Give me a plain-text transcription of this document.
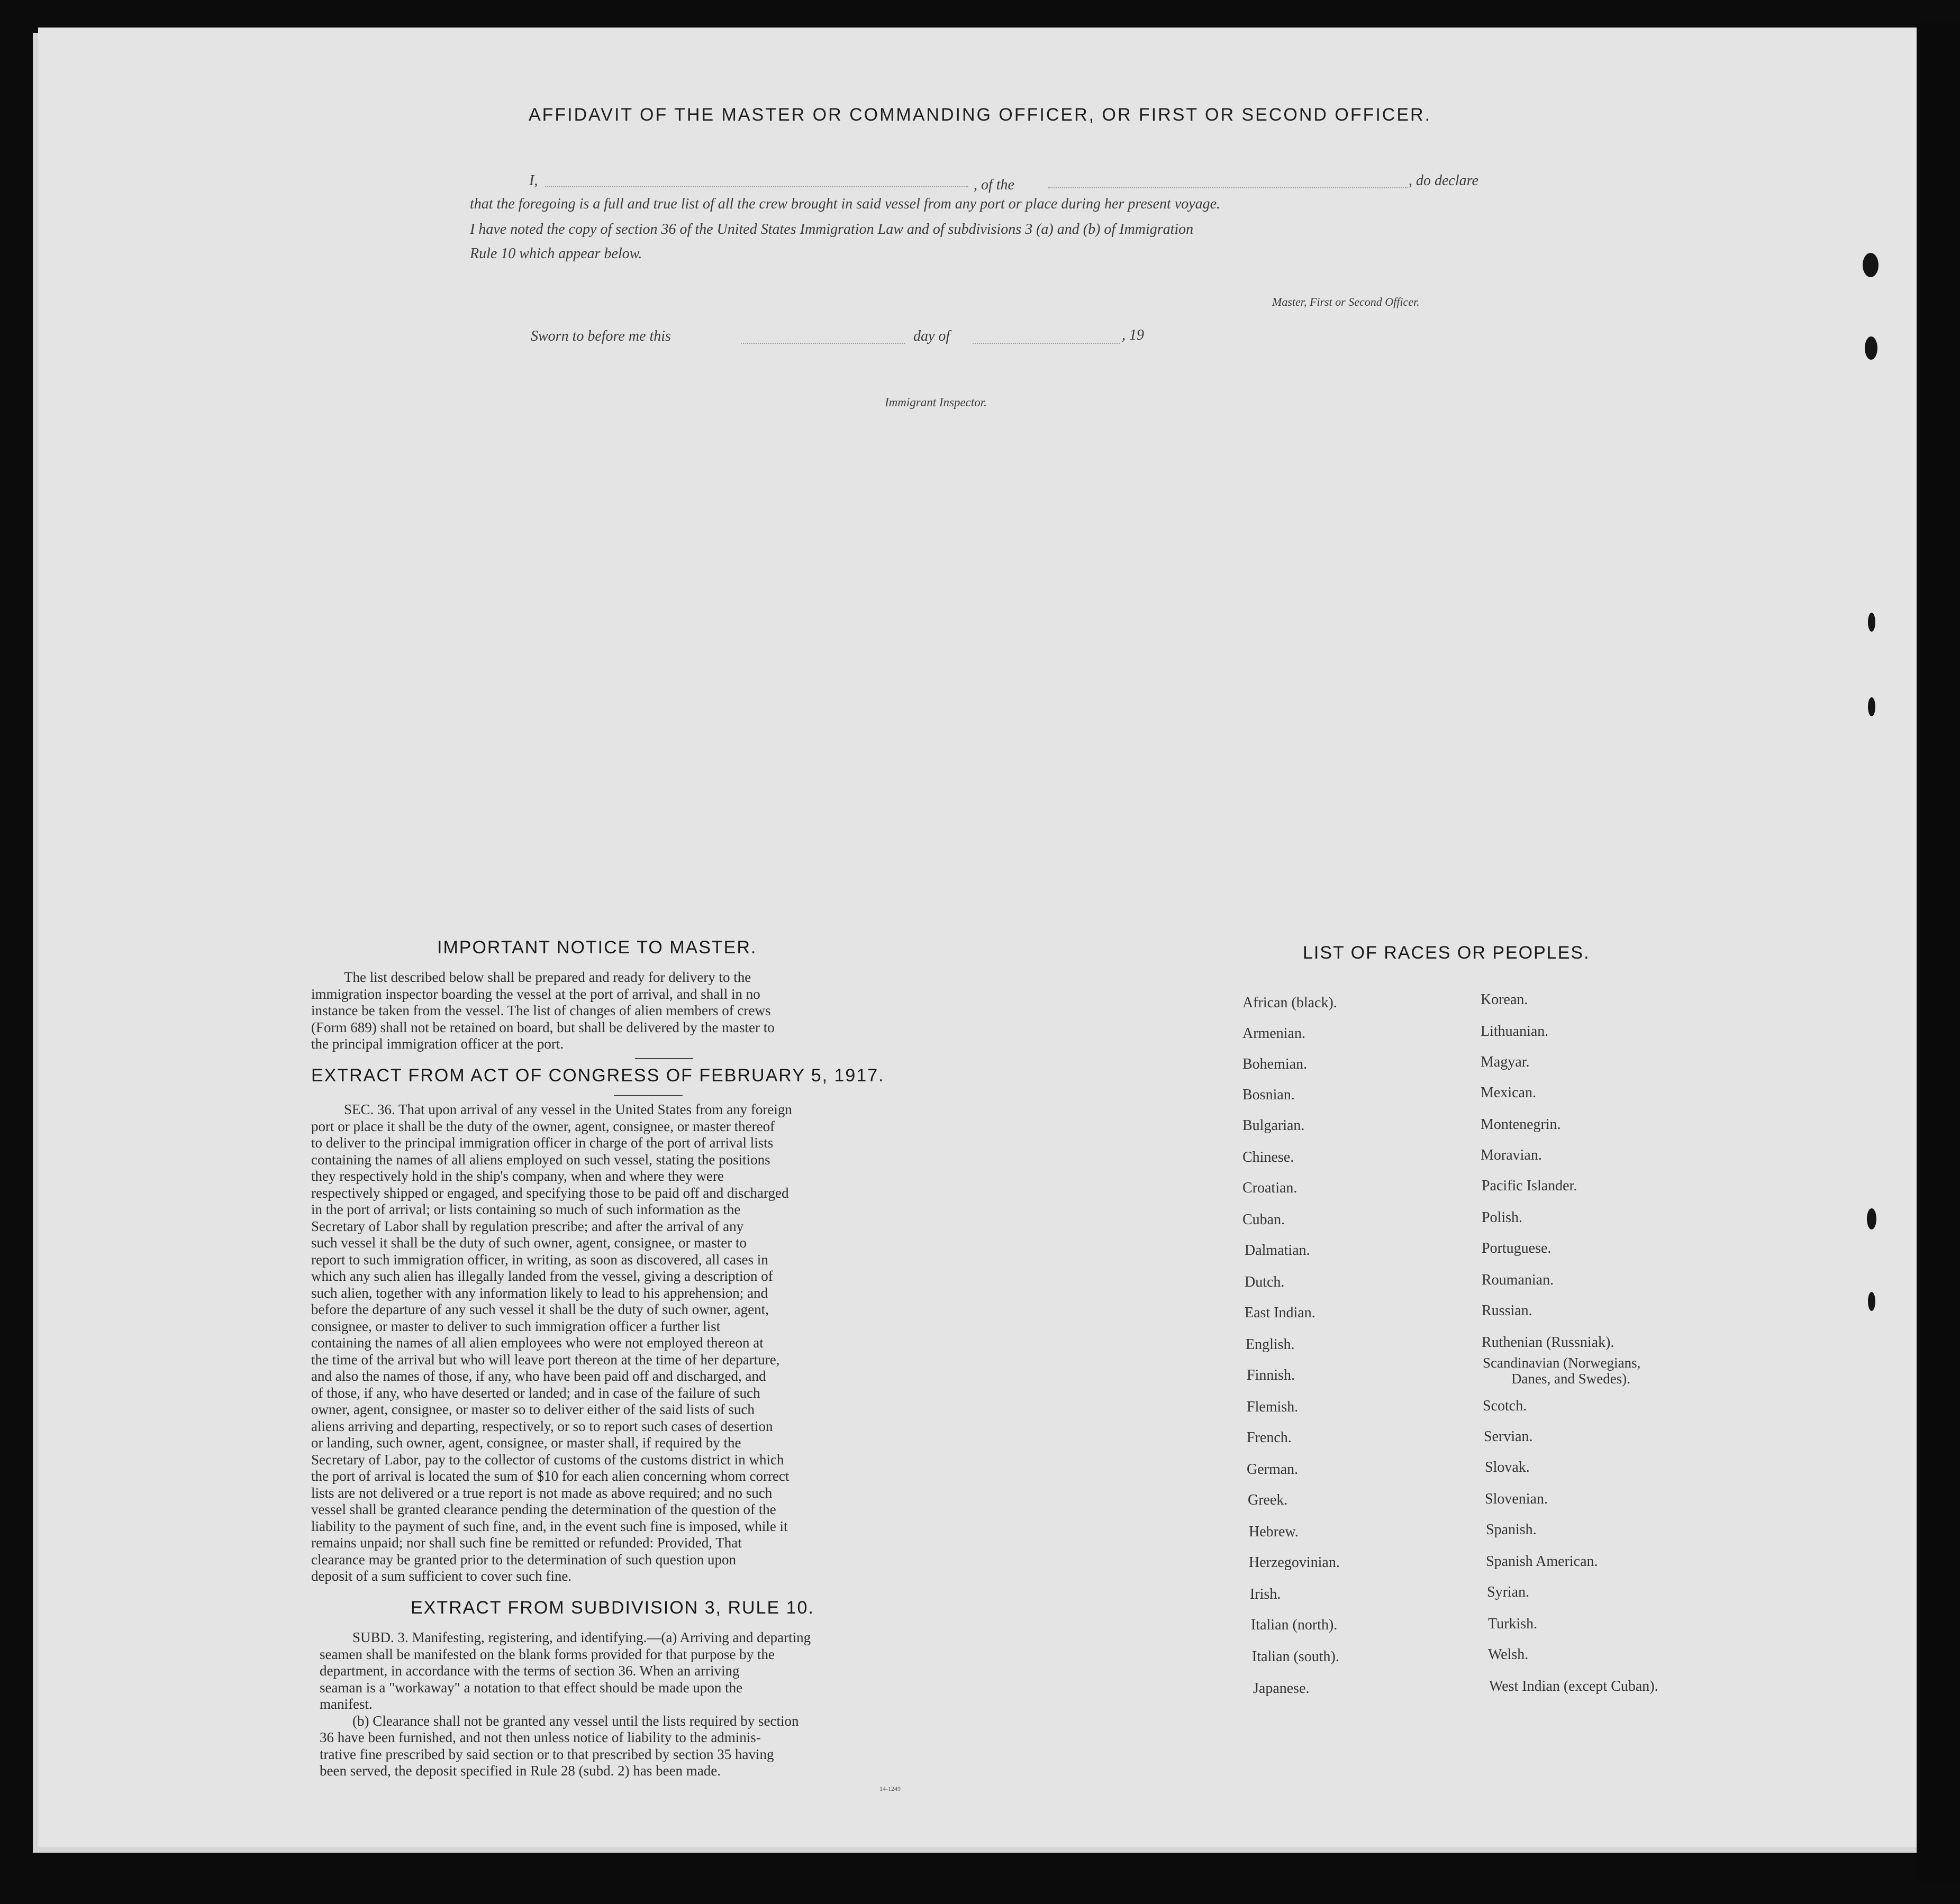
AFFIDAVIT OF THE MASTER OR COMMANDING OFFICER, OR FIRST OR SECOND OFFICER.
I,	, of the	, do declare
that the foregoing is a full and true list of all the crew brought in said vessel from any port or place during her present voyage.
I have noted the copy of section 36 of the United States Immigration Law and of subdivisions 3 (a) and (b) of Immigration
Rule 10 which appear below.
Master, First or Second Officer.
Sworn to before me this	day of	, 19
Immigrant Inspector.
IMPORTANT NOTICE TO MASTER.
The list described below shall be prepared and ready for delivery to the
immigration inspector boarding the vessel at the port of arrival, and shall in no
instance be taken from the vessel. The list of changes of alien members of crews
(Form 689) shall not be retained on board, but shall be delivered by the master to
the principal immigration officer at the port.
EXTRACT FROM ACT OF CONGRESS OF FEBRUARY 5, 1917.
SEC. 36. That upon arrival of any vessel in the United States from any foreign
port or place it shall be the duty of the owner, agent, consignee, or master thereof
to deliver to the principal immigration officer in charge of the port of arrival lists
containing the names of all aliens employed on such vessel, stating the positions
they respectively hold in the ship's company, when and where they were
respectively shipped or engaged, and specifying those to be paid off and discharged
in the port of arrival; or lists containing so much of such information as the
Secretary of Labor shall by regulation prescribe; and after the arrival of any
such vessel it shall be the duty of such owner, agent, consignee, or master to
report to such immigration officer, in writing, as soon as discovered, all cases in
which any such alien has illegally landed from the vessel, giving a description of
such alien, together with any information likely to lead to his apprehension; and
before the departure of any such vessel it shall be the duty of such owner, agent,
consignee, or master to deliver to such immigration officer a further list
containing the names of all alien employees who were not employed thereon at
the time of the arrival but who will leave port thereon at the time of her departure,
and also the names of those, if any, who have been paid off and discharged, and
of those, if any, who have deserted or landed; and in case of the failure of such
owner, agent, consignee, or master so to deliver either of the said lists of such
aliens arriving and departing, respectively, or so to report such cases of desertion
or landing, such owner, agent, consignee, or master shall, if required by the
Secretary of Labor, pay to the collector of customs of the customs district in which
the port of arrival is located the sum of $10 for each alien concerning whom correct
lists are not delivered or a true report is not made as above required; and no such
vessel shall be granted clearance pending the determination of the question of the
liability to the payment of such fine, and, in the event such fine is imposed, while it
remains unpaid; nor shall such fine be remitted or refunded: Provided, That
clearance may be granted prior to the determination of such question upon
deposit of a sum sufficient to cover such fine.
EXTRACT FROM SUBDIVISION 3, RULE 10.
SUBD. 3. Manifesting, registering, and identifying.—(a) Arriving and departing
seamen shall be manifested on the blank forms provided for that purpose by the
department, in accordance with the terms of section 36. When an arriving
seaman is a "workaway" a notation to that effect should be made upon the
manifest.
(b) Clearance shall not be granted any vessel until the lists required by section
36 have been furnished, and not then unless notice of liability to the adminis-
trative fine prescribed by said section or to that prescribed by section 35 having
been served, the deposit specified in Rule 28 (subd. 2) has been made.
14-1249
LIST OF RACES OR PEOPLES.
African (black).
Armenian.
Bohemian.
Bosnian.
Bulgarian.
Chinese.
Croatian.
Cuban.
Dalmatian.
Dutch.
East Indian.
English.
Finnish.
Flemish.
French.
German.
Greek.
Hebrew.
Herzegovinian.
Irish.
Italian (north).
Italian (south).
Japanese.
Korean.
Lithuanian.
Magyar.
Mexican.
Montenegrin.
Moravian.
Pacific Islander.
Polish.
Portuguese.
Roumanian.
Russian.
Ruthenian (Russniak).
Scandinavian (Norwegians,
Danes, and Swedes).
Scotch.
Servian.
Slovak.
Slovenian.
Spanish.
Spanish American.
Syrian.
Turkish.
Welsh.
West Indian (except Cuban).
